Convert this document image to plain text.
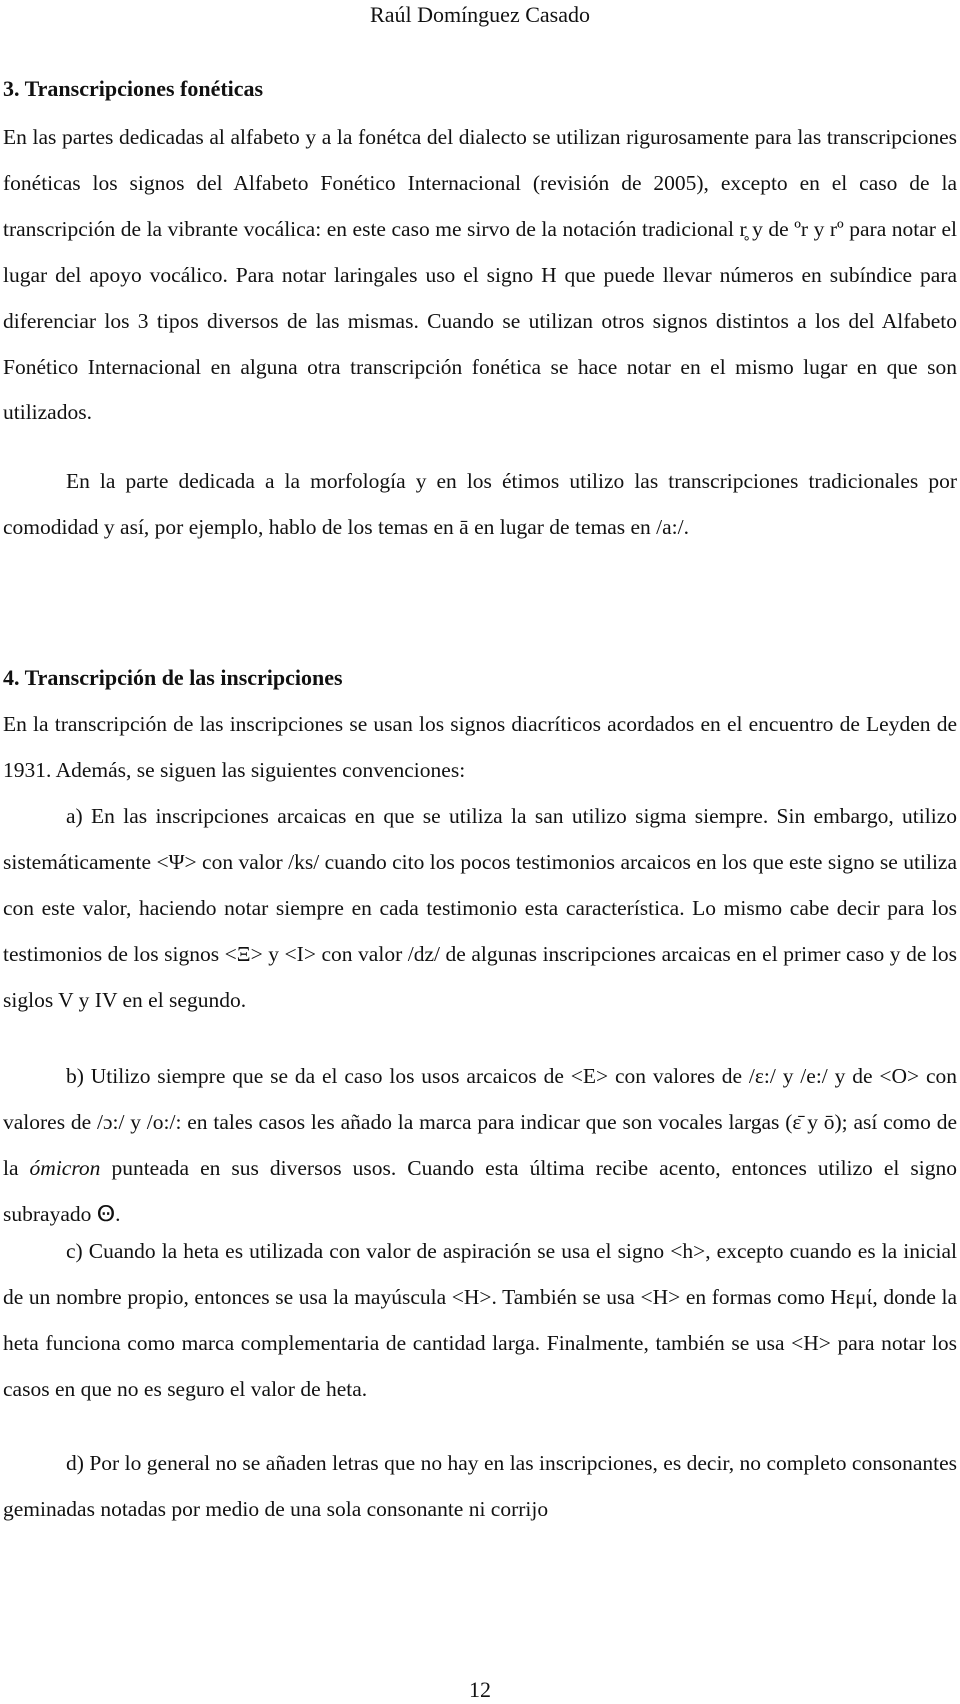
Raúl Domínguez Casado
3. Transcripciones fonéticas

En las partes dedicadas al alfabeto y a la fonétca del dialecto se utilizan rigurosamente para las transcripciones fonéticas los signos del Alfabeto Fonético Internacional (revisión de 2005), excepto en el caso de la transcripción de la vibrante vocálica: en este caso me sirvo de la notación tradicional r̥ y de ºr y rº para notar el lugar del apoyo vocálico. Para notar laringales uso el signo H que puede llevar números en subíndice para diferenciar los 3 tipos diversos de las mismas. Cuando se utilizan otros signos distintos a los del Alfabeto Fonético Internacional en alguna otra transcripción fonética se hace notar en el mismo lugar en que son utilizados.

En la parte dedicada a la morfología y en los étimos utilizo las transcripciones tradicionales por comodidad y así, por ejemplo, hablo de los temas en ā en lugar de temas en /a:/.

4. Transcripción de las inscripciones

En la transcripción de las inscripciones se usan los signos diacríticos acordados en el encuentro de Leyden de 1931. Además, se siguen las siguientes convenciones:

a) En las inscripciones arcaicas en que se utiliza la san utilizo sigma siempre. Sin embargo, utilizo sistemáticamente <Ψ> con valor /ks/ cuando cito los pocos testimonios arcaicos en los que este signo se utiliza con este valor, haciendo notar siempre en cada testimonio esta característica. Lo mismo cabe decir para los testimonios de los signos <Ξ> y <Ι> con valor /dz/ de algunas inscripciones arcaicas en el primer caso y de los siglos V y IV en el segundo.

b) Utilizo siempre que se da el caso los usos arcaicos de <E> con valores de /ɛ:/ y /e:/ y de <O> con valores de /ɔ:/ y /o:/: en tales casos les añado la marca para indicar que son vocales largas (ε̄ y ō); así como de la ómicron punteada en sus diversos usos. Cuando esta última recibe acento, entonces utilizo el signo subrayado Ꙫ.

c) Cuando la heta es utilizada con valor de aspiración se usa el signo <h>, excepto cuando es la inicial de un nombre propio, entonces se usa la mayúscula <H>. También se usa <H> en formas como Hεμί, donde la heta funciona como marca complementaria de cantidad larga. Finalmente, también se usa <H> para notar los casos en que no es seguro el valor de heta.

d) Por lo general no se añaden letras que no hay en las inscripciones, es decir, no completo consonantes geminadas notadas por medio de una sola consonante ni corrijo

12
